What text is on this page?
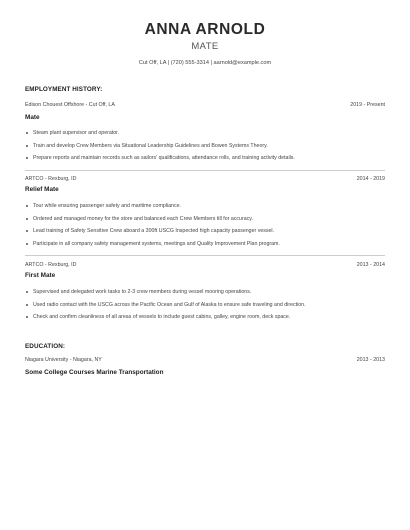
ANNA ARNOLD
MATE
Cut Off, LA | (720) 555-3314 | aarnold@example.com
EMPLOYMENT HISTORY:
Edison Chouest Offshore - Cut Off, LA	2019 - Present
Mate
Steam plant supervisor and operator.
Train and develop Crew Members via Situational Leadership Guidelines and Bowen Systems Theory.
Prepare reports and maintain records such as sailors' qualifications, attendance rolls, and training activity details.
ARTCO - Rexburg, ID	2014 - 2019
Relief Mate
Tour while ensuring passenger safety and maritime compliance.
Ordered and managed money for the store and balanced each Crew Members till for accuracy.
Lead training of Safety Sensitive Crew aboard a 300ft USCG Inspected high capacity passenger vessel.
Participate in all company safety management systems, meetings and Quality Improvement Plan program.
ARTCO - Rexburg, ID	2013 - 2014
First Mate
Supervised and delegated work tasks to 2-3 crew members during vessel mooring operations.
Used radio contact with the USCG across the Pacific Ocean and Gulf of Alaska to ensure safe traveling and direction.
Check and confirm cleanliness of all areas of vessels to include guest cabins, galley, engine room, deck space.
EDUCATION:
Niagara University - Niagara, NY	2013 - 2013
Some College Courses Marine Transportation
